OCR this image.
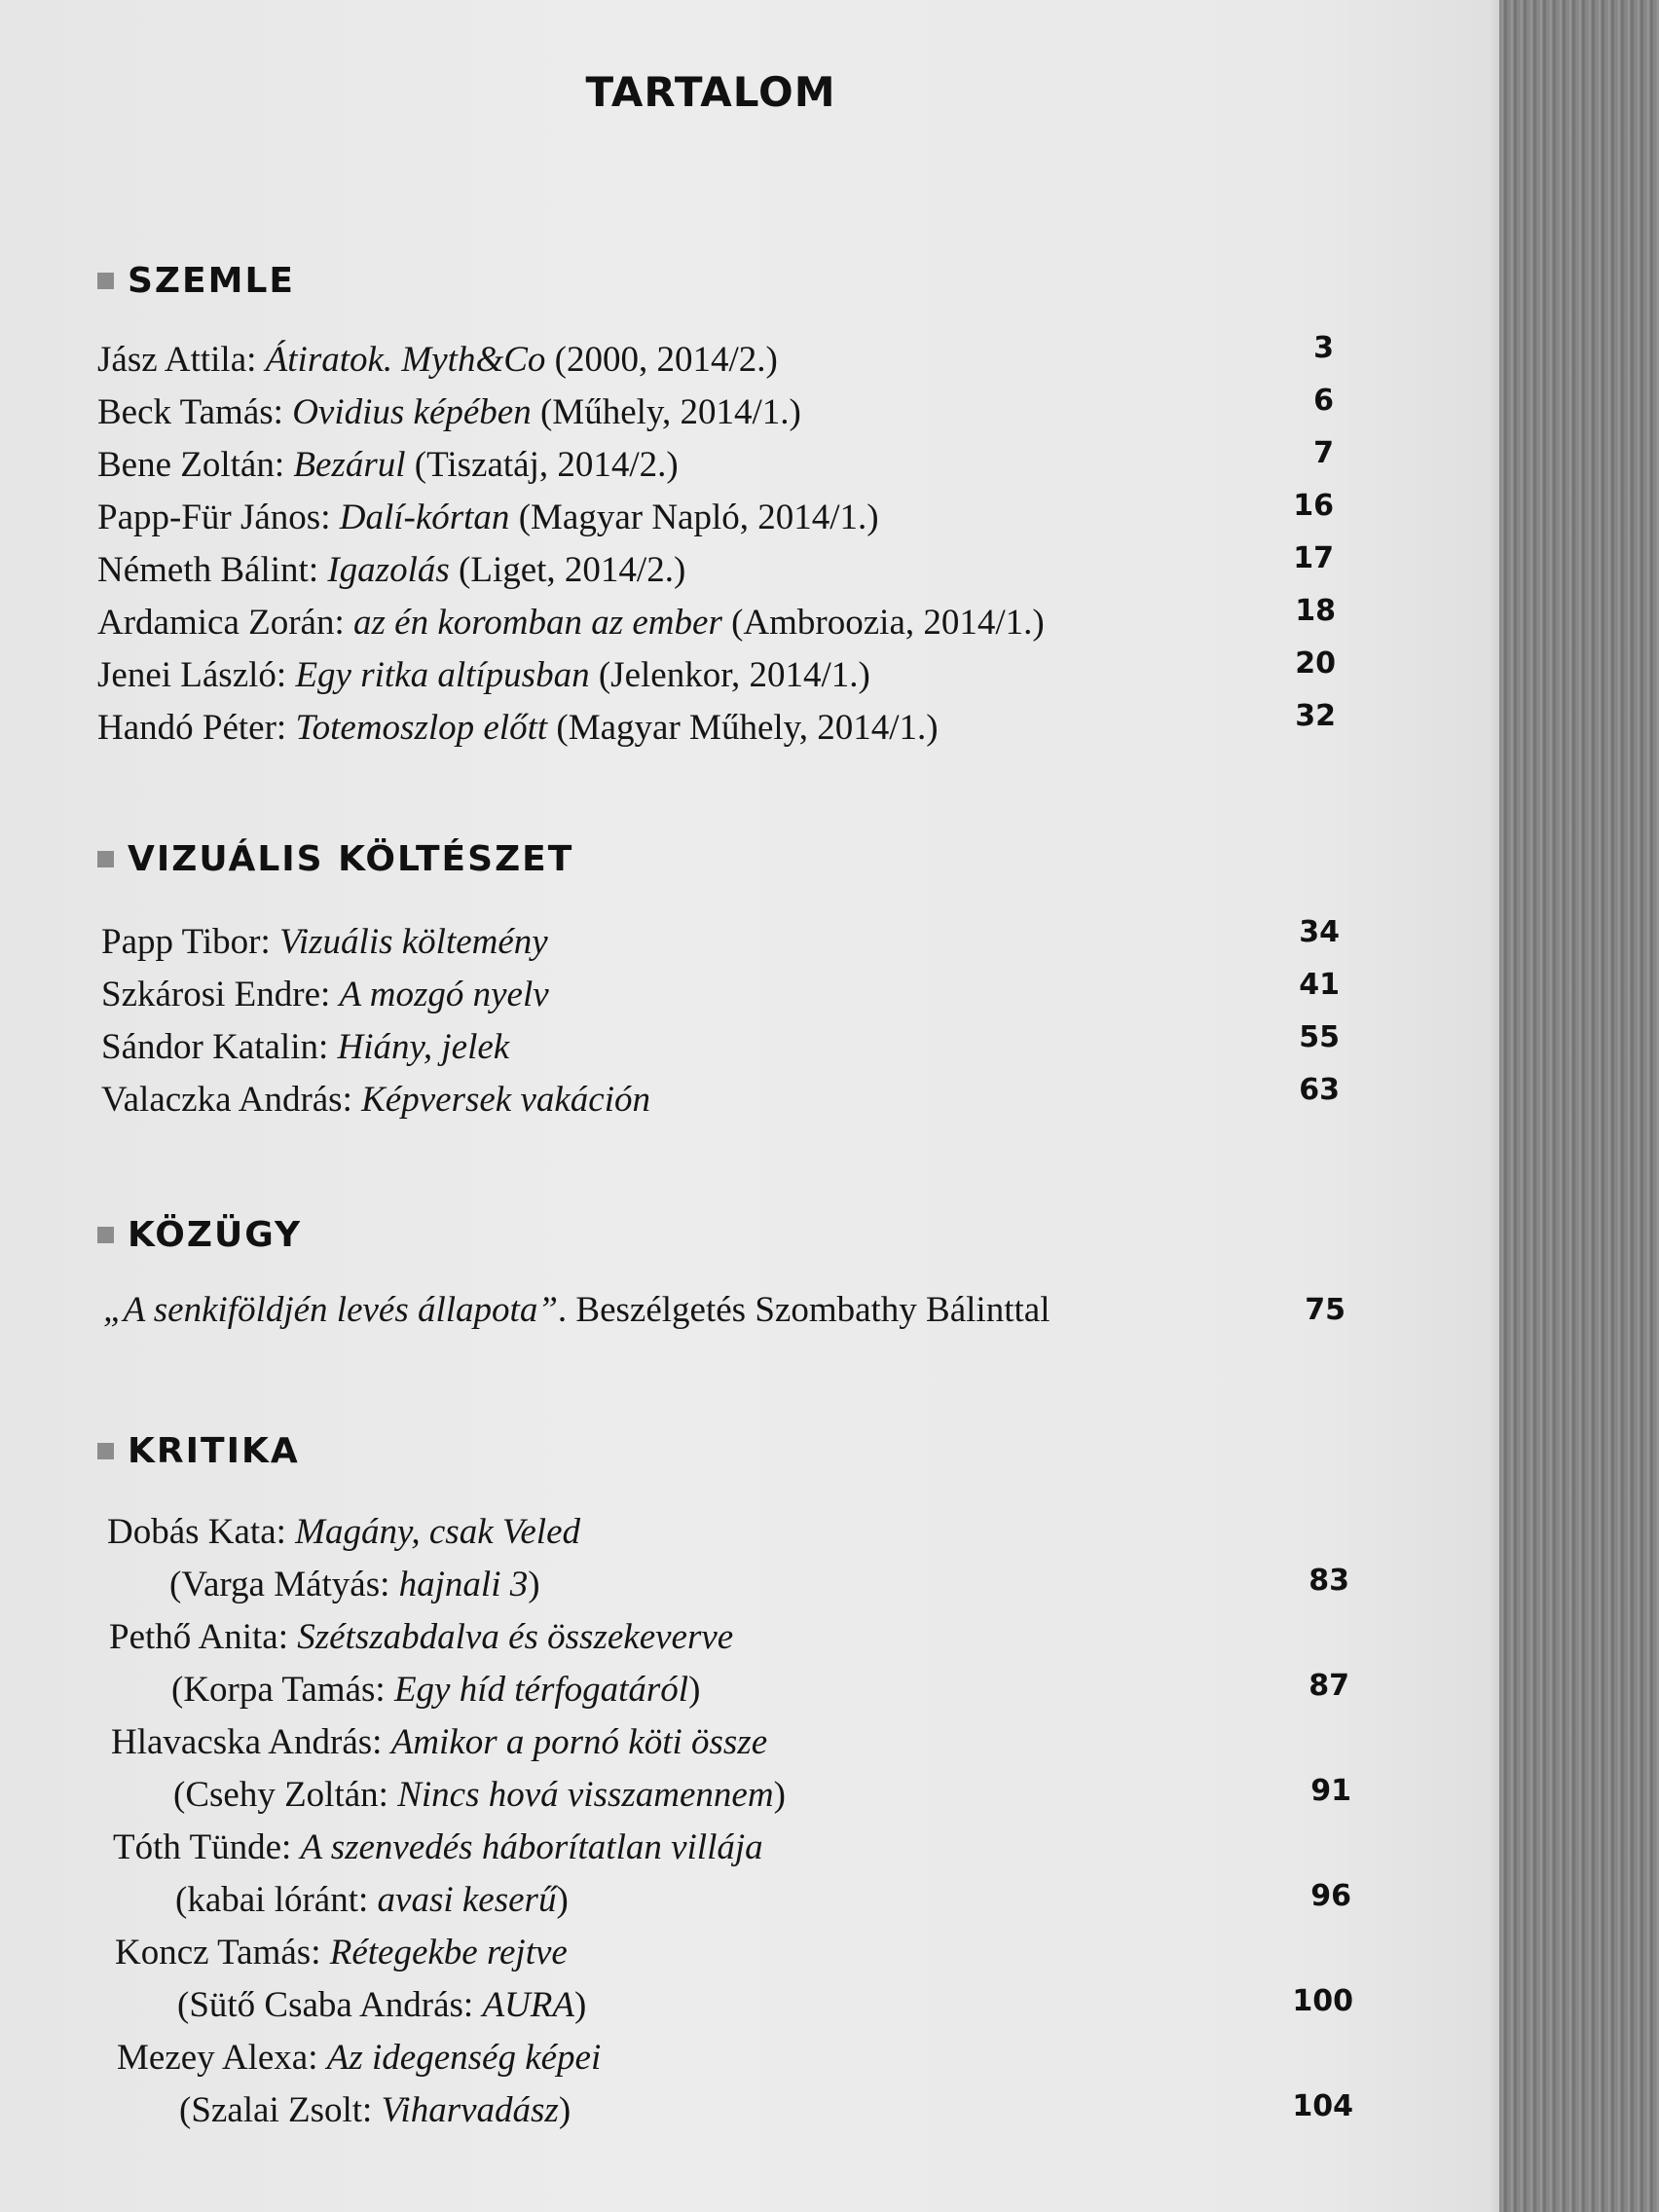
TARTALOM
SZEMLE
Jász Attila: Átiratok. Myth&Co (2000, 2014/2.)	3
Beck Tamás: Ovidius képében (Műhely, 2014/1.)	6
Bene Zoltán: Bezárul (Tiszatáj, 2014/2.)	7
Papp-Für János: Dalí-kórtan (Magyar Napló, 2014/1.)	16
Németh Bálint: Igazolás (Liget, 2014/2.)	17
Ardamica Zorán: az én koromban az ember (Ambroozia, 2014/1.)	18
Jenei László: Egy ritka altípusban (Jelenkor, 2014/1.)	20
Handó Péter: Totemoszlop előtt (Magyar Műhely, 2014/1.)	32
VIZUÁLIS KÖLTÉSZET
Papp Tibor: Vizuális költemény	34
Szkárosi Endre: A mozgó nyelv	41
Sándor Katalin: Hiány, jelek	55
Valaczka András: Képversek vakáción	63
KÖZÜGY
„A senkiföldjén levés állapota”. Beszélgetés Szombathy Bálinttal	75
KRITIKA
Dobás Kata: Magány, csak Veled
(Varga Mátyás: hajnali 3)	83
Pethő Anita: Szétszabdalva és összekeverve
(Korpa Tamás: Egy híd térfogatáról)	87
Hlavacska András: Amikor a pornó köti össze
(Csehy Zoltán: Nincs hová visszamennem)	91
Tóth Tünde: A szenvedés háborítatlan villája
(kabai lóránt: avasi keserű)	96
Koncz Tamás: Rétegekbe rejtve
(Sütő Csaba András: AURA)	100
Mezey Alexa: Az idegenség képei
(Szalai Zsolt: Viharvadász)	104
